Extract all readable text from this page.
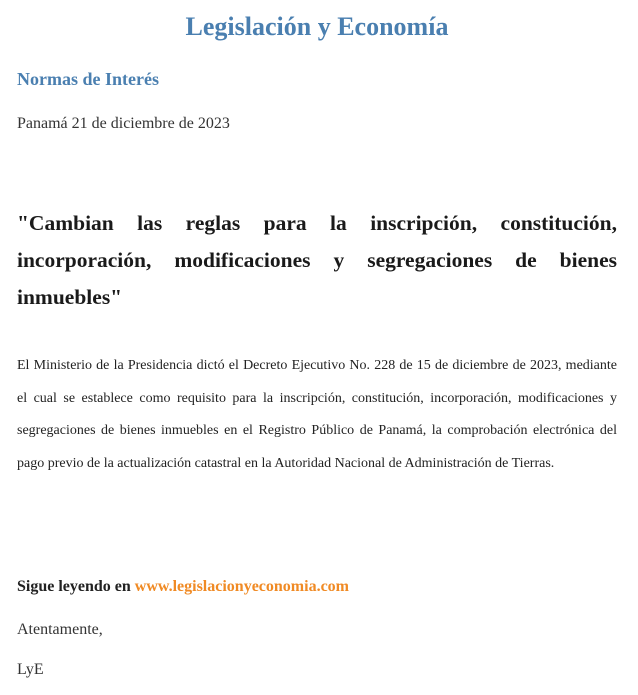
Legislación y Economía
Normas de Interés
Panamá 21 de diciembre de 2023
"Cambian las reglas para la inscripción, constitución, incorporación, modificaciones y segregaciones de bienes inmuebles"

El Ministerio de la Presidencia dictó el Decreto Ejecutivo No. 228 de 15 de diciembre de 2023, mediante el cual se establece como requisito para la inscripción, constitución, incorporación, modificaciones y segregaciones de bienes inmuebles en el Registro Público de Panamá, la comprobación electrónica del pago previo de la actualización catastral en la Autoridad Nacional de Administración de Tierras.

Sigue leyendo en www.legislacionyeconomia.com
Atentamente,
LyE
